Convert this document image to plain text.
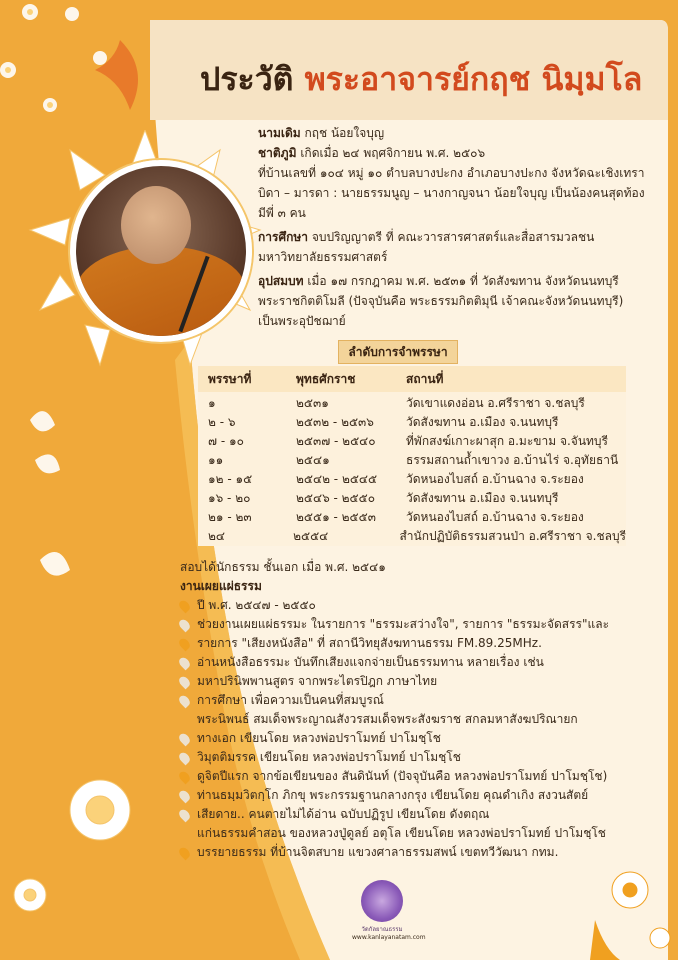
ประวัติ พระอาจารย์กฤช นิมฺมโล

นามเดิม กฤช น้อยใจบุญ

ชาติภูมิ เกิดเมื่อ ๒๔ พฤศจิกายน พ.ศ. ๒๕๐๖

ที่บ้านเลขที่ ๑๐๔ หมู่ ๑๐ ตำบลบางปะกง อำเภอบางปะกง จังหวัดฉะเชิงเทรา

บิดา – มารดา : นายธรรมนูญ – นางกาญจนา น้อยใจบุญ เป็นน้องคนสุดท้อง

มีพี่ ๓ คน

การศึกษา จบปริญญาตรี ที่ คณะวารสารศาสตร์และสื่อสารมวลชน

มหาวิทยาลัยธรรมศาสตร์

อุปสมบท เมื่อ ๑๗ กรกฎาคม พ.ศ. ๒๕๓๑ ที่ วัดสังฆทาน จังหวัดนนทบุรี

พระราชกิตติโมลี (ปัจจุบันคือ พระธรรมกิตติมุนี เจ้าคณะจังหวัดนนทบุรี)

เป็นพระอุปัชฌาย์

ลำดับการจำพรรษา
พรรษาที่	พุทธศักราช	สถานที่
๑	๒๕๓๑	วัดเขาแดงอ่อน อ.ศรีราชา จ.ชลบุรี
๒ - ๖	๒๕๓๒ - ๒๕๓๖	วัดสังฆทาน อ.เมือง จ.นนทบุรี
๗ - ๑๐	๒๕๓๗ - ๒๕๔๐	ที่พักสงฆ์เกาะผาสุก อ.มะขาม จ.จันทบุรี
๑๑	๒๕๔๑	ธรรมสถานถ้ำเขาวง อ.บ้านไร่ จ.อุทัยธานี
๑๒ - ๑๕	๒๕๔๒ - ๒๕๔๕	วัดหนองไบสถ์ อ.บ้านฉาง จ.ระยอง
๑๖ - ๒๐	๒๕๔๖ - ๒๕๕๐	วัดสังฆทาน อ.เมือง จ.นนทบุรี
๒๑ - ๒๓	๒๕๕๑ - ๒๕๕๓	วัดหนองไบสถ์ อ.บ้านฉาง จ.ระยอง
๒๔	๒๕๕๔	สำนักปฏิบัติธรรมสวนป่า อ.ศรีราชา จ.ชลบุรี

สอบได้นักธรรม ชั้นเอก เมื่อ พ.ศ. ๒๕๔๑

งานเผยแผ่ธรรม

ปี พ.ศ. ๒๕๔๗ - ๒๕๕๐
ช่วยงานเผยแผ่ธรรมะ ในรายการ "ธรรมะสว่างใจ", รายการ "ธรรมะจัดสรร"และ
รายการ "เสียงหนังสือ" ที่ สถานีวิทยุสังฆทานธรรม FM.89.25MHz.
อ่านหนังสือธรรมะ บันทึกเสียงแจกจ่ายเป็นธรรมทาน หลายเรื่อง เช่น
มหาปรินิพพานสูตร จากพระไตรปิฎก ภาษาไทย
การศึกษา เพื่อความเป็นคนที่สมบูรณ์
พระนิพนธ์ สมเด็จพระญาณสังวรสมเด็จพระสังฆราช สกลมหาสังฆปริณายก
ทางเอก เขียนโดย หลวงพ่อปราโมทย์ ปาโมชฺโช
วิมุตติมรรค เขียนโดย หลวงพ่อปราโมทย์ ปาโมชฺโช
ดูจิตปีแรก จากข้อเขียนของ สันดินันท์ (ปัจจุบันคือ หลวงพ่อปราโมทย์ ปาโมชฺโช)
ท่านธมฺมวิตกฺโก ภิกขุ พระกรรมฐานกลางกรุง เขียนโดย คุณดำเกิง สงวนสัตย์
เสียดาย.. คนตายไม่ได้อ่าน ฉบับปฏิรูป เขียนโดย ดังตฤณ
แก่นธรรมคำสอน ของหลวงปู่ดูลย์ อตุโล เขียนโดย หลวงพ่อปราโมทย์ ปาโมชฺโช
บรรยายธรรม ที่บ้านจิตสบาย แขวงศาลาธรรมสพน์ เขตทวีวัฒนา กทม.
วัดกัลยาณธรรม
www.kanlayanatam.com
